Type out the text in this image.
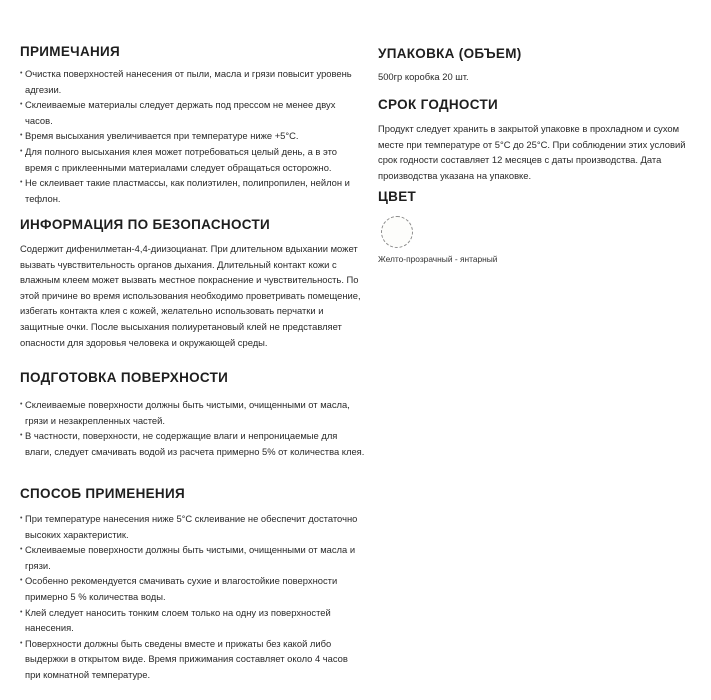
ПРИМЕЧАНИЯ
• Очистка поверхностей нанесения от пыли, масла и грязи повысит уровень адгезии.
• Склеиваемые материалы следует держать под прессом не менее двух часов.
• Время высыхания увеличивается при температуре ниже +5°С.
• Для полного высыхания клея может потребоваться целый день, а в это время с приклеенными материалами следует обращаться осторожно.
• Не склеивает такие пластмассы, как полиэтилен, полипропилен, нейлон и тефлон.
ИНФОРМАЦИЯ ПО БЕЗОПАСНОСТИ

Содержит дифенилметан-4,4-диизоцианат. При длительном вдыхании может вызвать чувствительность органов дыхания. Длительный контакт кожи с влажным клеем может вызвать местное покраснение и чувствительность. По этой причине во время использования необходимо проветривать помещение, избегать контакта клея с кожей, желательно использовать перчатки и защитные очки. После высыхания полиуретановый клей не представляет опасности для здоровья человека и окружающей среды.

ПОДГОТОВКА ПОВЕРХНОСТИ
• Склеиваемые поверхности должны быть чистыми, очищенными от масла, грязи и незакрепленных частей.
• В частности, поверхности, не содержащие влаги и непроницаемые для влаги, следует смачивать водой из расчета примерно 5% от количества клея.
СПОСОБ ПРИМЕНЕНИЯ
• При температуре нанесения ниже 5°С склеивание не обеспечит достаточно высоких характеристик.
• Склеиваемые поверхности должны быть чистыми, очищенными от масла и грязи.
• Особенно рекомендуется смачивать сухие и влагостойкие поверхности примерно 5 % количества воды.
• Клей следует наносить тонким слоем только на одну из поверхностей нанесения.
• Поверхности должны быть сведены вместе и прижаты без какой либо выдержки в открытом виде. Время прижимания составляет около 4 часов при комнатной температуре.
УПАКОВКА (ОБЪЕМ)

500гр коробка 20 шт.

СРОК ГОДНОСТИ

Продукт следует хранить в закрытой упаковке в прохладном и сухом месте при температуре от 5°С до 25°С. При соблюдении этих условий срок годности составляет 12 месяцев с даты производства. Дата производства указана на упаковке.

ЦВЕТ
Желто-прозрачный - янтарный
